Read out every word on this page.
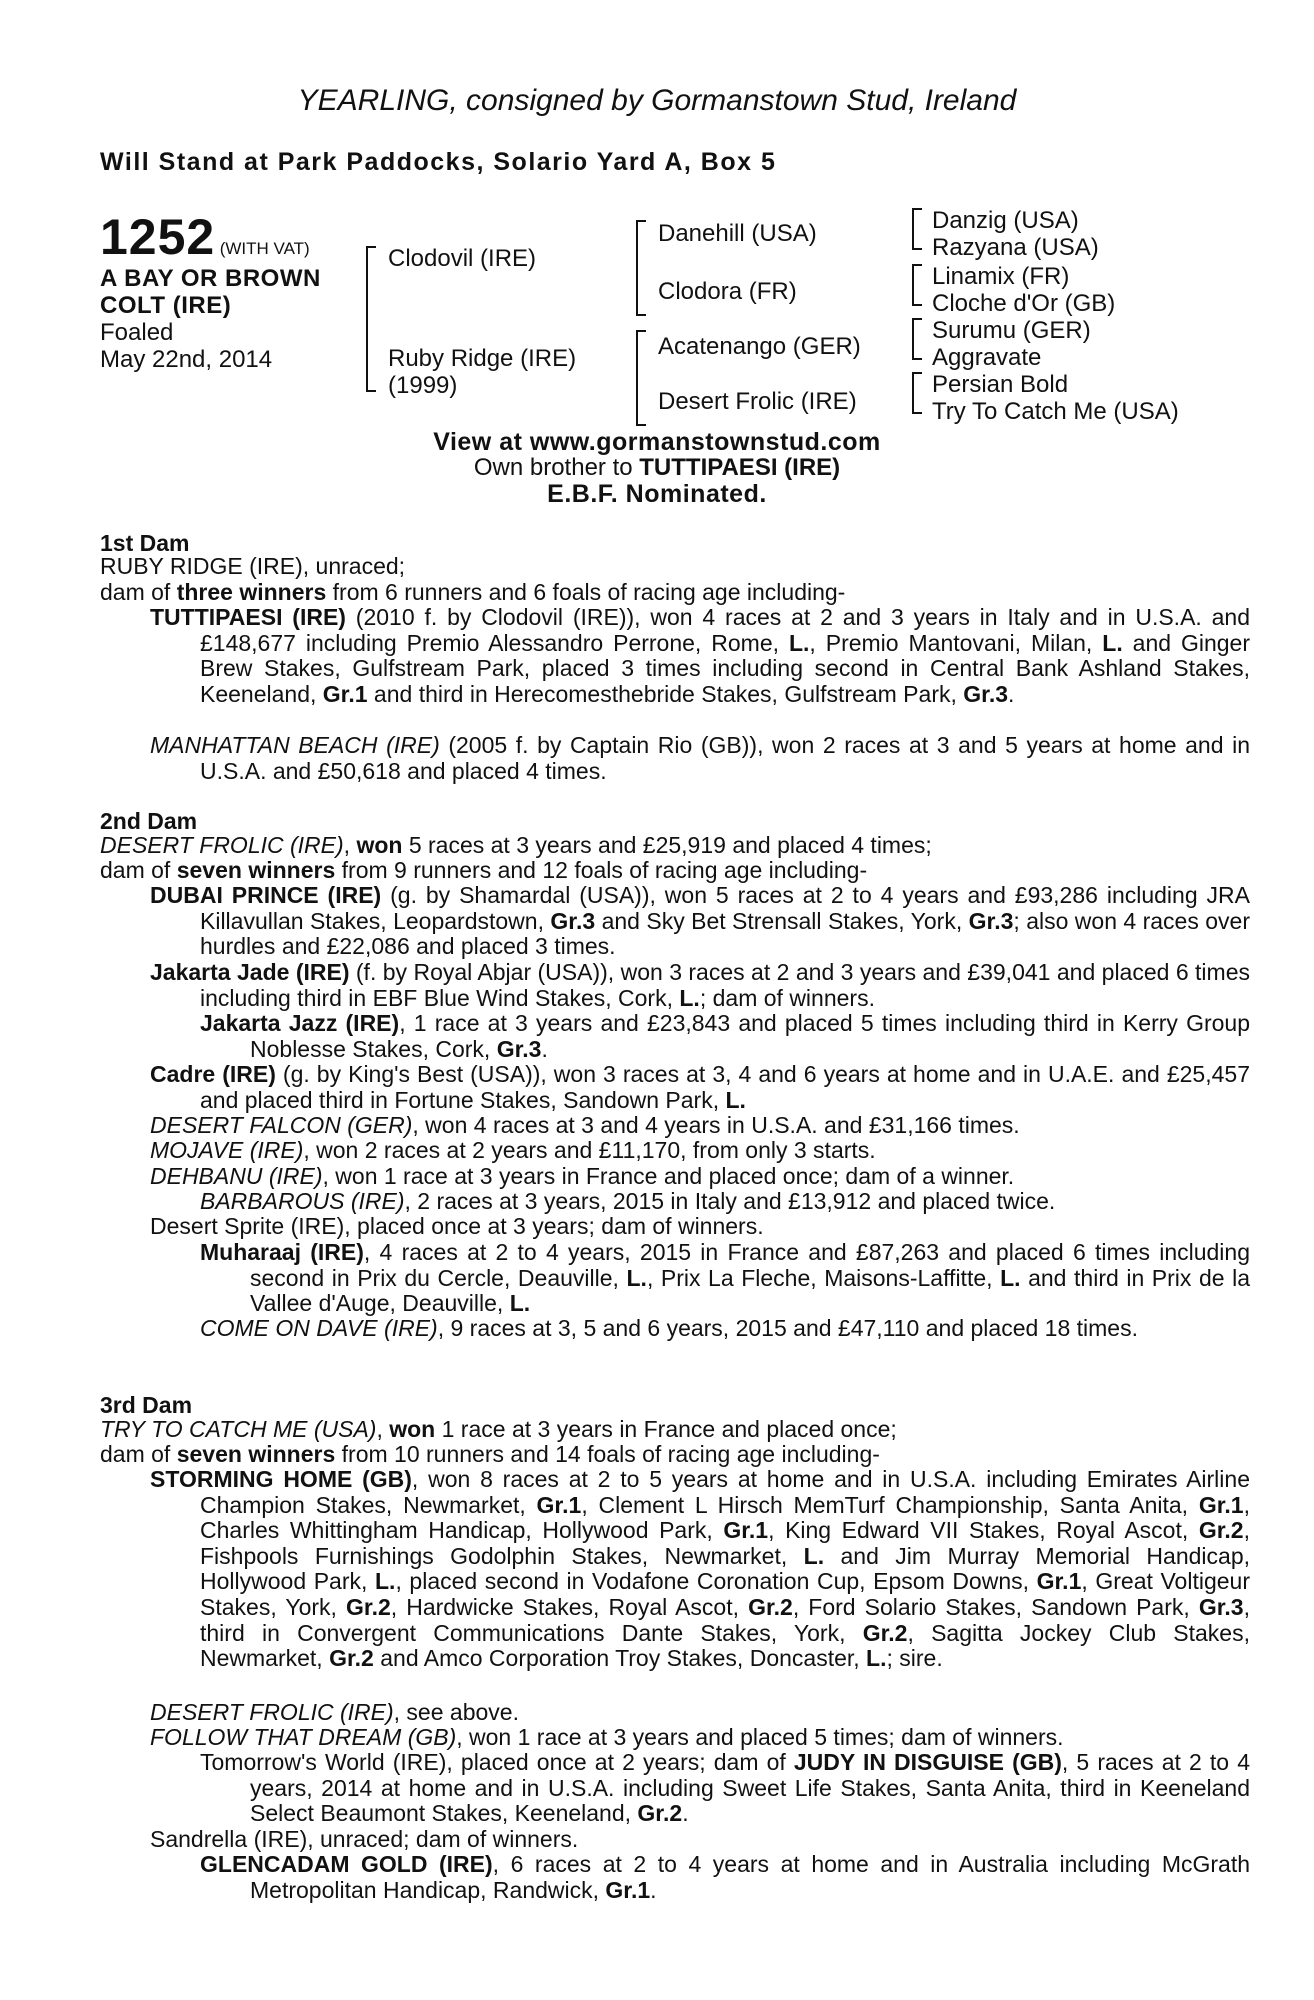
YEARLING, consigned by Gormanstown Stud, Ireland
Will Stand at Park Paddocks, Solario Yard A, Box 5
1252 (WITH VAT)
A BAY OR BROWN
COLT (IRE)
Foaled
May 22nd, 2014
Clodovil (IRE)
Ruby Ridge (IRE)
(1999)
Danehill (USA)
Clodora (FR)
Acatenango (GER)
Desert Frolic (IRE)
Danzig (USA)
Razyana (USA)
Linamix (FR)
Cloche d'Or (GB)
Surumu (GER)
Aggravate
Persian Bold
Try To Catch Me (USA)
View at www.gormanstownstud.com
Own brother to TUTTIPAESI (IRE)
E.B.F. Nominated.
1st Dam
RUBY RIDGE (IRE), unraced;
dam of three winners from 6 runners and 6 foals of racing age including-
TUTTIPAESI (IRE) (2010 f. by Clodovil (IRE)), won 4 races at 2 and 3 years in Italy and in U.S.A. and £148,677 including Premio Alessandro Perrone, Rome, L., Premio Mantovani, Milan, L. and Ginger Brew Stakes, Gulfstream Park, placed 3 times including second in Central Bank Ashland Stakes, Keeneland, Gr.1 and third in Herecomesthebride Stakes, Gulfstream Park, Gr.3.
MANHATTAN BEACH (IRE) (2005 f. by Captain Rio (GB)), won 2 races at 3 and 5 years at home and in U.S.A. and £50,618 and placed 4 times.
2nd Dam
DESERT FROLIC (IRE), won 5 races at 3 years and £25,919 and placed 4 times;
dam of seven winners from 9 runners and 12 foals of racing age including-
DUBAI PRINCE (IRE) (g. by Shamardal (USA)), won 5 races at 2 to 4 years and £93,286 including JRA Killavullan Stakes, Leopardstown, Gr.3 and Sky Bet Strensall Stakes, York, Gr.3; also won 4 races over hurdles and £22,086 and placed 3 times.
Jakarta Jade (IRE) (f. by Royal Abjar (USA)), won 3 races at 2 and 3 years and £39,041 and placed 6 times including third in EBF Blue Wind Stakes, Cork, L.; dam of winners.
Jakarta Jazz (IRE), 1 race at 3 years and £23,843 and placed 5 times including third in Kerry Group Noblesse Stakes, Cork, Gr.3.
Cadre (IRE) (g. by King's Best (USA)), won 3 races at 3, 4 and 6 years at home and in U.A.E. and £25,457 and placed third in Fortune Stakes, Sandown Park, L.
DESERT FALCON (GER), won 4 races at 3 and 4 years in U.S.A. and £31,166 times.
MOJAVE (IRE), won 2 races at 2 years and £11,170, from only 3 starts.
DEHBANU (IRE), won 1 race at 3 years in France and placed once; dam of a winner.
BARBAROUS (IRE), 2 races at 3 years, 2015 in Italy and £13,912 and placed twice.
Desert Sprite (IRE), placed once at 3 years; dam of winners.
Muharaaj (IRE), 4 races at 2 to 4 years, 2015 in France and £87,263 and placed 6 times including second in Prix du Cercle, Deauville, L., Prix La Fleche, Maisons-Laffitte, L. and third in Prix de la Vallee d'Auge, Deauville, L.
COME ON DAVE (IRE), 9 races at 3, 5 and 6 years, 2015 and £47,110 and placed 18 times.
3rd Dam
TRY TO CATCH ME (USA), won 1 race at 3 years in France and placed once;
dam of seven winners from 10 runners and 14 foals of racing age including-
STORMING HOME (GB), won 8 races at 2 to 5 years at home and in U.S.A. including Emirates Airline Champion Stakes, Newmarket, Gr.1, Clement L Hirsch MemTurf Championship, Santa Anita, Gr.1, Charles Whittingham Handicap, Hollywood Park, Gr.1, King Edward VII Stakes, Royal Ascot, Gr.2, Fishpools Furnishings Godolphin Stakes, Newmarket, L. and Jim Murray Memorial Handicap, Hollywood Park, L., placed second in Vodafone Coronation Cup, Epsom Downs, Gr.1, Great Voltigeur Stakes, York, Gr.2, Hardwicke Stakes, Royal Ascot, Gr.2, Ford Solario Stakes, Sandown Park, Gr.3, third in Convergent Communications Dante Stakes, York, Gr.2, Sagitta Jockey Club Stakes, Newmarket, Gr.2 and Amco Corporation Troy Stakes, Doncaster, L.; sire.
DESERT FROLIC (IRE), see above.
FOLLOW THAT DREAM (GB), won 1 race at 3 years and placed 5 times; dam of winners.
Tomorrow's World (IRE), placed once at 2 years; dam of JUDY IN DISGUISE (GB), 5 races at 2 to 4 years, 2014 at home and in U.S.A. including Sweet Life Stakes, Santa Anita, third in Keeneland Select Beaumont Stakes, Keeneland, Gr.2.
Sandrella (IRE), unraced; dam of winners.
GLENCADAM GOLD (IRE), 6 races at 2 to 4 years at home and in Australia including McGrath Metropolitan Handicap, Randwick, Gr.1.
